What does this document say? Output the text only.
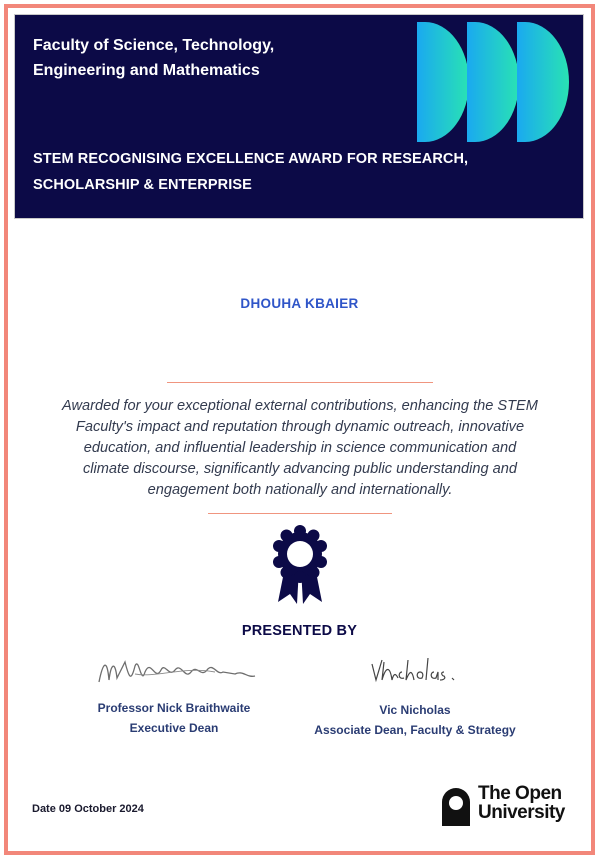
Faculty of Science, Technology,
Engineering and Mathematics
STEM RECOGNISING EXCELLENCE AWARD FOR RESEARCH,
SCHOLARSHIP & ENTERPRISE
DHOUHA KBAIER
Awarded for your exceptional external contributions, enhancing the STEM
Faculty's impact and reputation through dynamic outreach, innovative
education, and influential leadership in science communication and
climate discourse, significantly advancing public understanding and
engagement both nationally and internationally.
PRESENTED BY
Professor Nick Braithwaite
Executive Dean
Vic Nicholas
Associate Dean, Faculty & Strategy
Date 09 October 2024
The Open
University
